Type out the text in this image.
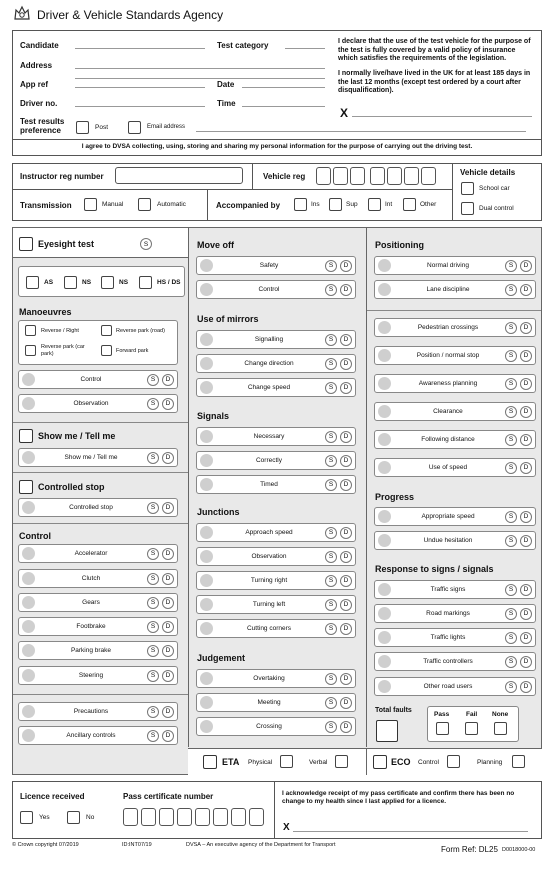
Driver & Vehicle Standards Agency
Candidate	Test category
Address
App ref	Date
Driver no.	Time
Test results
preference	Post	Email address
I agree to DVSA collecting, using, storing and sharing my personal information for the purpose of carrying out the driving test.
I declare that the use of the test vehicle for the purpose of the test is fully covered by a valid policy of insurance which satisfies the requirements of the legislation.
I normally live/have lived in the UK for at least 185 days in the last 12 months (except test ordered by a court after disqualification).
X
Instructor reg number	Vehicle reg	Vehicle details
School car
Dual control
Transmission	Manual	Automatic	Accompanied by	Ins	Sup	Int	Other
Eyesight test	S
AS	NS	NS	HS / DS
Manoeuvres
Reverse / Right	Reverse park (road)
Reverse park (car park)	Forward park
Show me / Tell me
Controlled stop
Control
Move off
Use of mirrors
Signals
Junctions
Judgement
Positioning
Progress
Response to signs / signals
Total faults
Pass	Fail None
ETA Physical	Verbal	ECO Control	Planning
Licence received
Yes	No
Pass certificate number	I acknowledge receipt of my pass certificate and confirm there has been no change to my health since I last applied for a licence.
X
© Crown copyright 07/2019	ID:INT07/19	DVSA – An executive agency of the Department for Transport	Form Ref: DL25 D0018000-00
Control	S	D
Observation	S	D
Show me / Tell me	S	D
Controlled stop	S	D
Accelerator	S	D
Clutch	S	D
Gears	S	D
Footbrake	S	D
Parking brake	S	D
Steering	S	D
Precautions	S	D
Ancillary controls	S	D
Safety	S	D
Control	S	D
Signalling	S	D
Change direction	S	D
Change speed	S	D
Necessary	S	D
Correctly	S	D
Timed	S	D
Approach speed	S	D
Observation	S	D
Turning right	S	D
Turning left	S	D
Cutting corners	S	D
Overtaking	S	D
Meeting	S	D
Crossing	S	D
Normal driving	S	D
Lane discipline	S	D
Pedestrian crossings	S	D
Position / normal stop	S	D
Awareness planning	S	D
Clearance	S	D
Following distance	S	D
Use of speed	S	D
Appropriate speed	S	D
Undue hesitation	S	D
Traffic signs	S	D
Road markings	S	D
Traffic lights	S	D
Traffic controllers	S	D
Other road users	S	D
